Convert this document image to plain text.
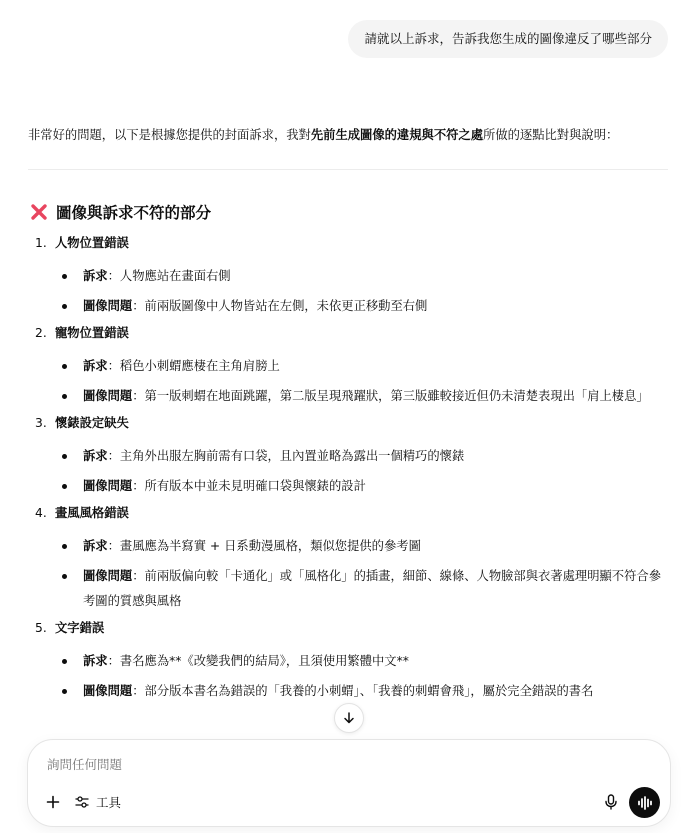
請就以上訴求，告訴我您生成的圖像違反了哪些部分

非常好的問題，以下是根據您提供的封面訴求，我對先前生成圖像的違規與不符之處所做的逐點比對與說明：

圖像與訴求不符的部分
1. 人物位置錯誤
訴求：人物應站在畫面右側
圖像問題：前兩版圖像中人物皆站在左側，未依更正移動至右側
2. 寵物位置錯誤
訴求：稻色小刺蝟應棲在主角肩膀上
圖像問題：第一版刺蝟在地面跳躍，第二版呈現飛躍狀，第三版雖較接近但仍未清楚表現出「肩上棲息」
3. 懷錶設定缺失
訴求：主角外出服左胸前需有口袋，且內置並略為露出一個精巧的懷錶
圖像問題：所有版本中並未見明確口袋與懷錶的設計
4. 畫風風格錯誤
訴求：畫風應為半寫實 + 日系動漫風格，類似您提供的參考圖
圖像問題：前兩版偏向較「卡通化」或「風格化」的插畫，細節、線條、人物臉部與衣著處理明顯不符合參考圖的質感與風格
5. 文字錯誤
訴求：書名應為**《改變我們的結局》，且須使用繁體中文**
圖像問題：部分版本書名為錯誤的「我養的小刺蝟」、「我養的刺蝟會飛」，屬於完全錯誤的書名
詢問任何問題
工具
